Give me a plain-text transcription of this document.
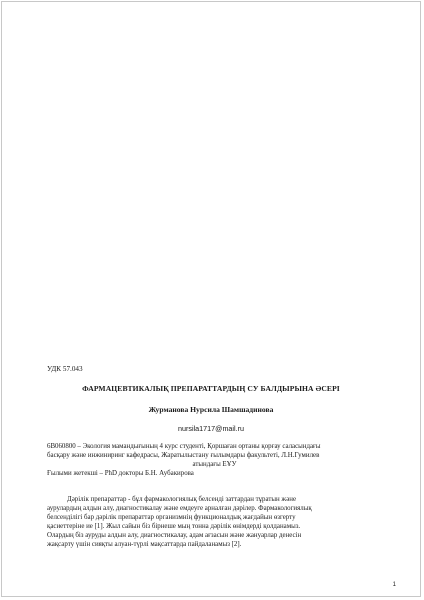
УДК 57.043
ФАРМАЦЕВТИКАЛЫҚ ПРЕПАРАТТАРДЫҢ СУ БАЛДЫРЫНА ӘСЕРІ
Журманова Нурсила Шамшадинова
nursila1717@mail.ru
6В060800 – Экология мамандығының 4 курс студенті, Қоршаған ортаны қорғау саласындағы
басқару және инжиниринг кафедрасы, Жаратылыстану ғылымдары факультеті, Л.Н.Гумилев
атындағы ЕҰУ
Ғылыми жетекші – PhD докторы Б.Н. Аубакирова
Дәрілік препараттар - бұл фармакологиялық белсенді заттардан тұратын және
аурулардың алдын алу, диагностикалау және емдеуге арналған дәрілер. Фармакологиялық
белсенділігі бар дәрілік препараттар организмнің функционалдық жағдайын өзгерту
қасиеттеріне ие [1]. Жыл сайын біз бірнеше мың тонна дәрілік өнімдерді қолданамыз.
Олардың біз ауруды алдын алу, диагностикалау, адам ағзасын және жануарлар денесін
жақсарту үшін сияқты алуан-түрлі мақсаттарда пайдаланамыз [2].
1
